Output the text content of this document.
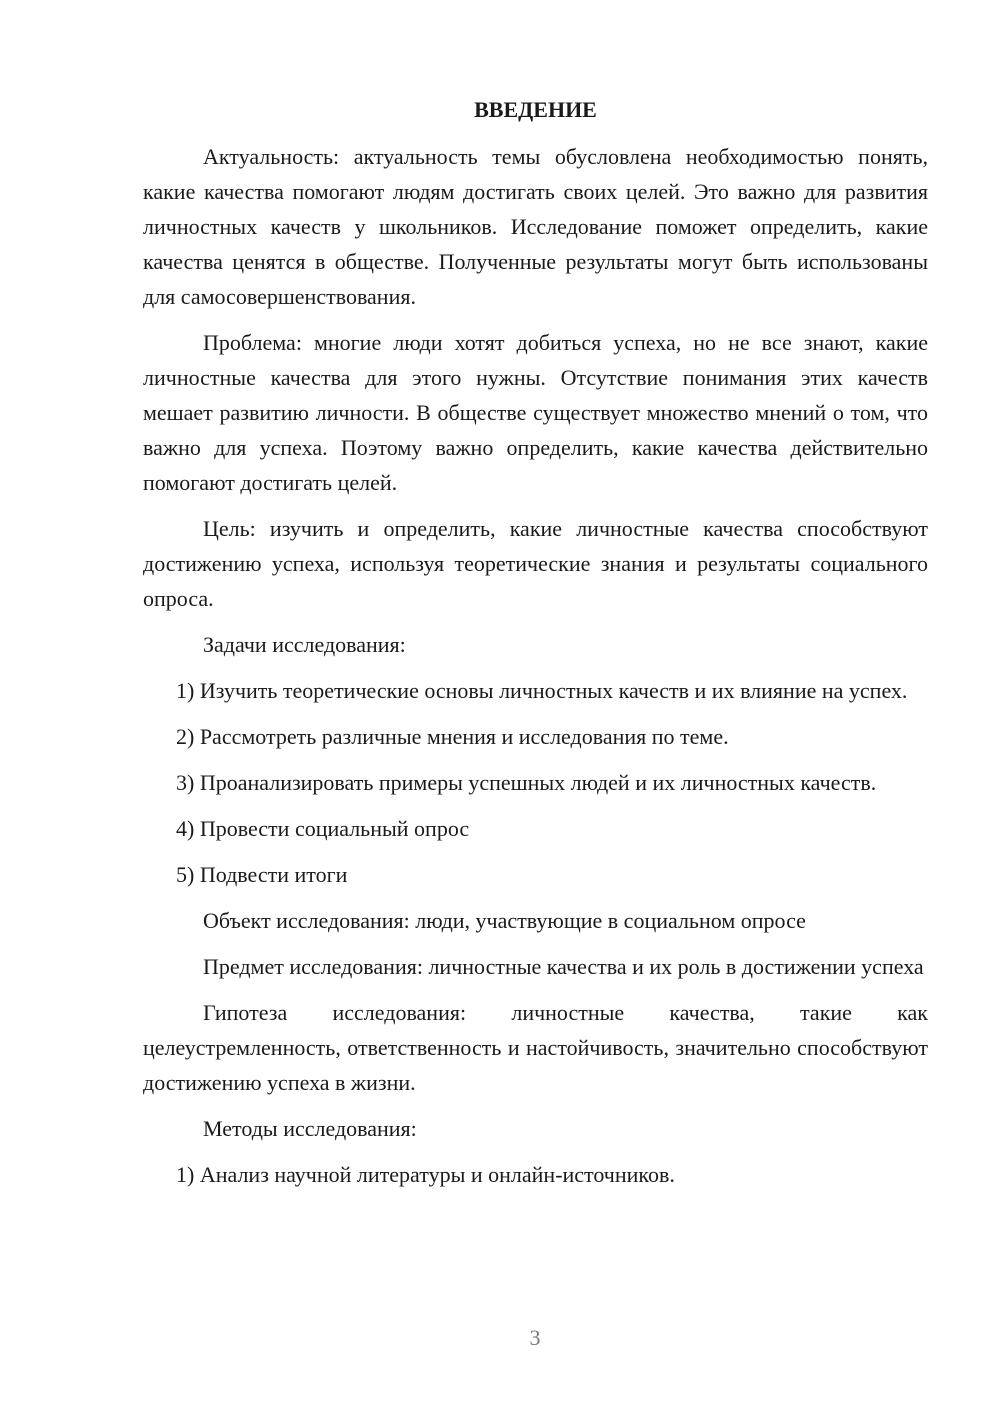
ВВЕДЕНИЕ

Актуальность: актуальность темы обусловлена необходимостью понять, какие качества помогают людям достигать своих целей. Это важно для развития личностных качеств у школьников. Исследование поможет определить, какие качества ценятся в обществе. Полученные результаты могут быть использованы для самосовершенствования.

Проблема: многие люди хотят добиться успеха, но не все знают, какие личностные качества для этого нужны. Отсутствие понимания этих качеств мешает развитию личности. В обществе существует множество мнений о том, что важно для успеха. Поэтому важно определить, какие качества действительно помогают достигать целей.

Цель: изучить и определить, какие личностные качества способствуют достижению успеха, используя теоретические знания и результаты социального опроса.

Задачи исследования:

1) Изучить теоретические основы личностных качеств и их влияние на успех.

2) Рассмотреть различные мнения и исследования по теме.

3) Проанализировать примеры успешных людей и их личностных качеств.

4) Провести социальный опрос

5) Подвести итоги

Объект исследования: люди, участвующие в социальном опросе

Предмет исследования: личностные качества и их роль в достижении успеха

Гипотеза исследования: личностные качества, такие как целеустремленность, ответственность и настойчивость, значительно способствуют достижению успеха в жизни.

Методы исследования:

1) Анализ научной литературы и онлайн-источников.

3
